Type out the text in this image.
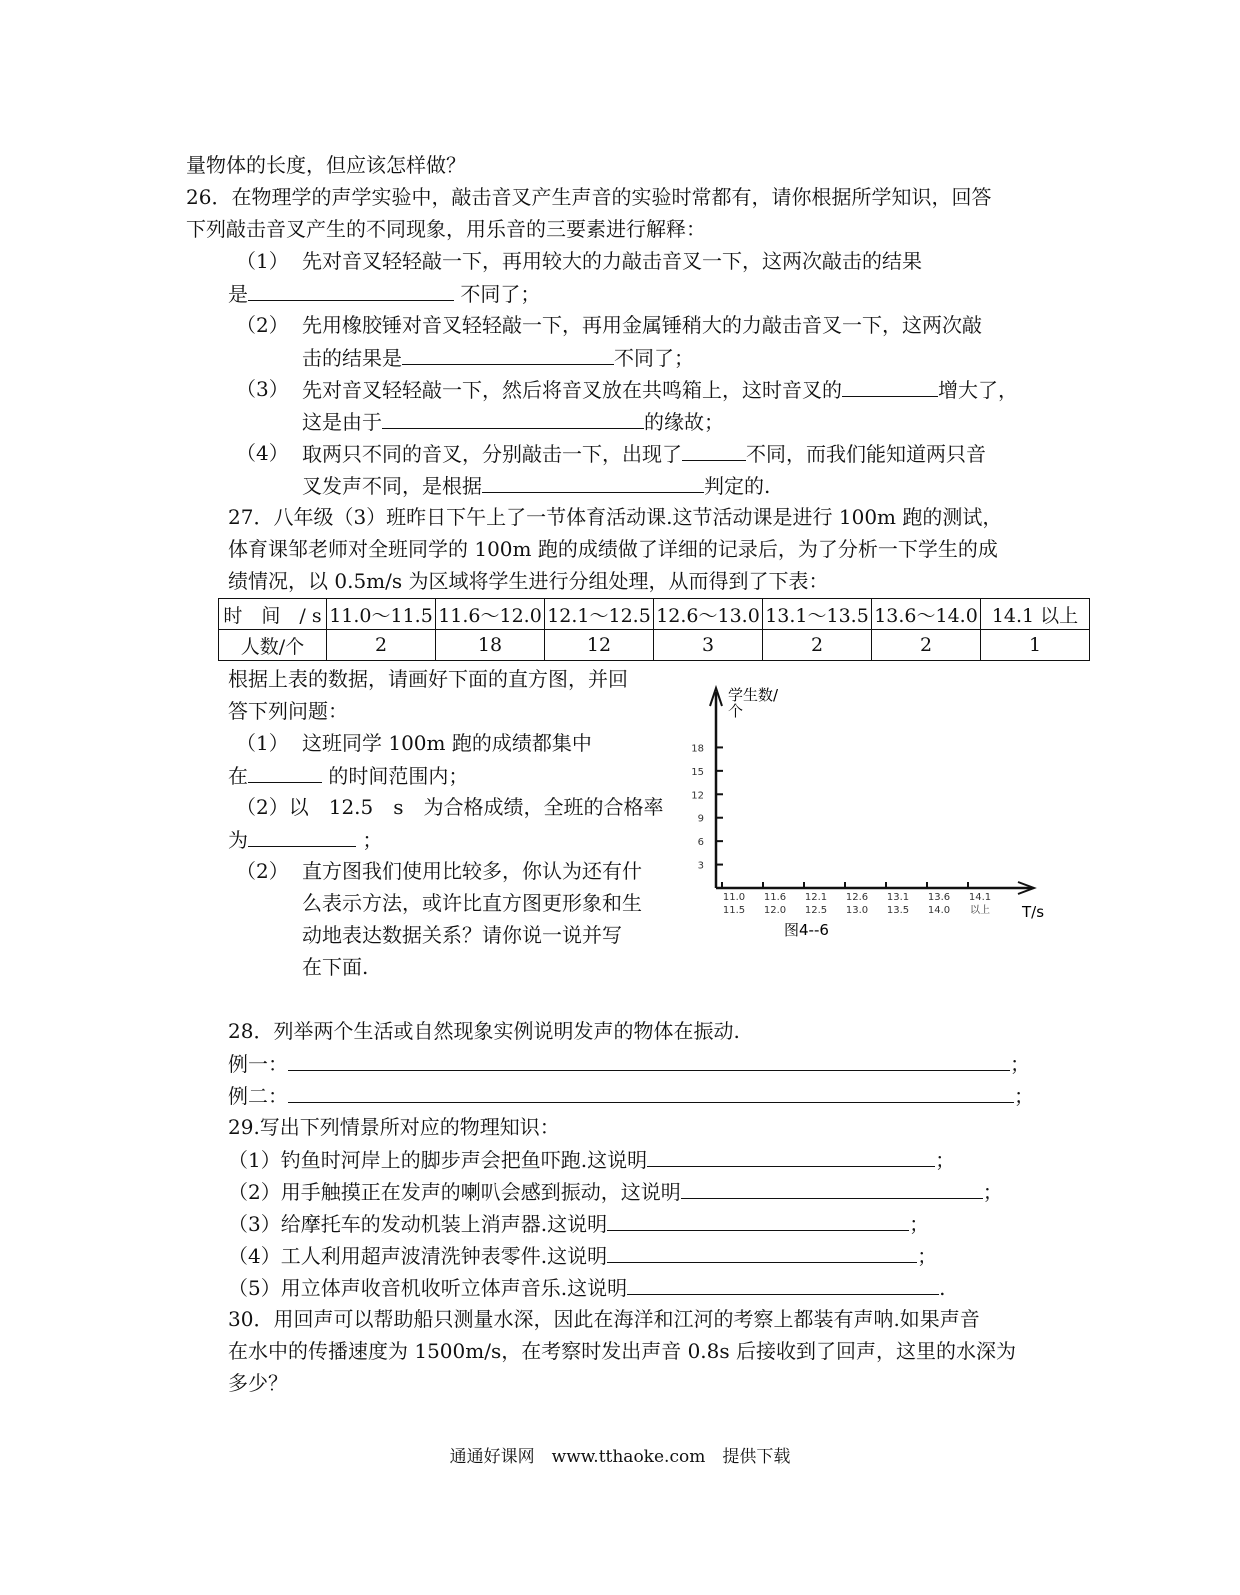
量物体的长度，但应该怎样做？
26．在物理学的声学实验中，敲击音叉产生声音的实验时常都有，请你根据所学知识，回答
下列敲击音叉产生的不同现象，用乐音的三要素进行解释：
（1） 先对音叉轻轻敲一下，再用较大的力敲击音叉一下，这两次敲击的结果
是	不同了；
（2） 先用橡胶锤对音叉轻轻敲一下，再用金属锤稍大的力敲击音叉一下，这两次敲
击的结果是	不同了；
（3） 先对音叉轻轻敲一下，然后将音叉放在共鸣箱上，这时音叉的	增大了，
这是由于	的缘故；
（4） 取两只不同的音叉，分别敲击一下，出现了	不同，而我们能知道两只音
叉发声不同，是根据	判定的.
27．八年级（3）班昨日下午上了一节体育活动课.这节活动课是进行 100m 跑的测试，
体育课邹老师对全班同学的 100m 跑的成绩做了详细的记录后，为了分析一下学生的成
绩情况，以 0.5m/s 为区域将学生进行分组处理，从而得到了下表：
时　间　/ s	11.0～11.5	11.6～12.0	12.1～12.5	12.6～13.0	13.1～13.5	13.6～14.0	14.1 以上
人数/个	2	18	12	3	2	2	1
根据上表的数据，请画好下面的直方图，并回
答下列问题：
（1） 这班同学 100m 跑的成绩都集中
在	的时间范围内；
（2）以　12.5　s　为合格成绩，全班的合格率
为	；
（2） 直方图我们使用比较多，你认为还有什
么表示方法，或许比直方图更形象和生
动地表达数据关系？请你说一说并写
在下面.
学生数/
个
3
6
9
12
15
18
11.0
11.5
11.6
12.0
12.1
12.5
12.6
13.0
13.1
13.5
13.6
14.0
14.1
以上 T/s
图4--6
28．列举两个生活或自然现象实例说明发声的物体在振动.
例一：	；
例二：	；
29.写出下列情景所对应的物理知识：
（1）钓鱼时河岸上的脚步声会把鱼吓跑.这说明	；
（2）用手触摸正在发声的喇叭会感到振动，这说明	；
（3）给摩托车的发动机装上消声器.这说明	；
（4）工人利用超声波清洗钟表零件.这说明	；
（5）用立体声收音机收听立体声音乐.这说明	.
30．用回声可以帮助船只测量水深，因此在海洋和江河的考察上都装有声呐.如果声音
在水中的传播速度为 1500m/s，在考察时发出声音 0.8s 后接收到了回声，这里的水深为
多少？
通通好课网　www.tthaoke.com　提供下载
